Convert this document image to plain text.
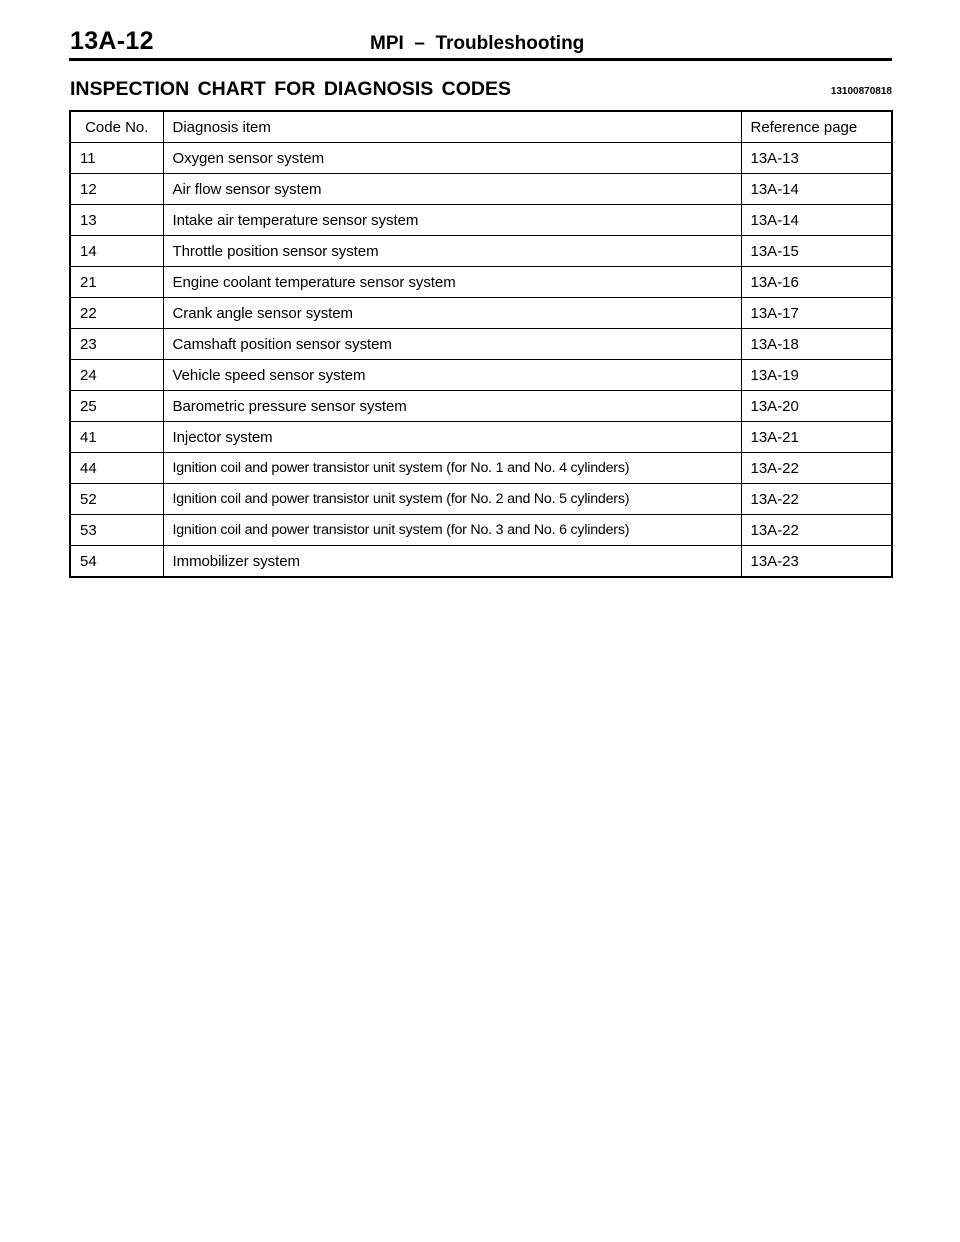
13A-12	MPI  –  Troubleshooting
INSPECTION CHART FOR DIAGNOSIS CODES	13100870818
Code No.	Diagnosis item	Reference page
11	Oxygen sensor system	13A-13
12	Air flow sensor system	13A-14
13	Intake air temperature sensor system	13A-14
14	Throttle position sensor system	13A-15
21	Engine coolant temperature sensor system	13A-16
22	Crank angle sensor system	13A-17
23	Camshaft position sensor system	13A-18
24	Vehicle speed sensor system	13A-19
25	Barometric pressure sensor system	13A-20
41	Injector system	13A-21
44	Ignition coil and power transistor unit system (for No. 1 and No. 4 cylinders)	13A-22
52	Ignition coil and power transistor unit system (for No. 2 and No. 5 cylinders)	13A-22
53	Ignition coil and power transistor unit system (for No. 3 and No. 6 cylinders)	13A-22
54	Immobilizer system	13A-23
